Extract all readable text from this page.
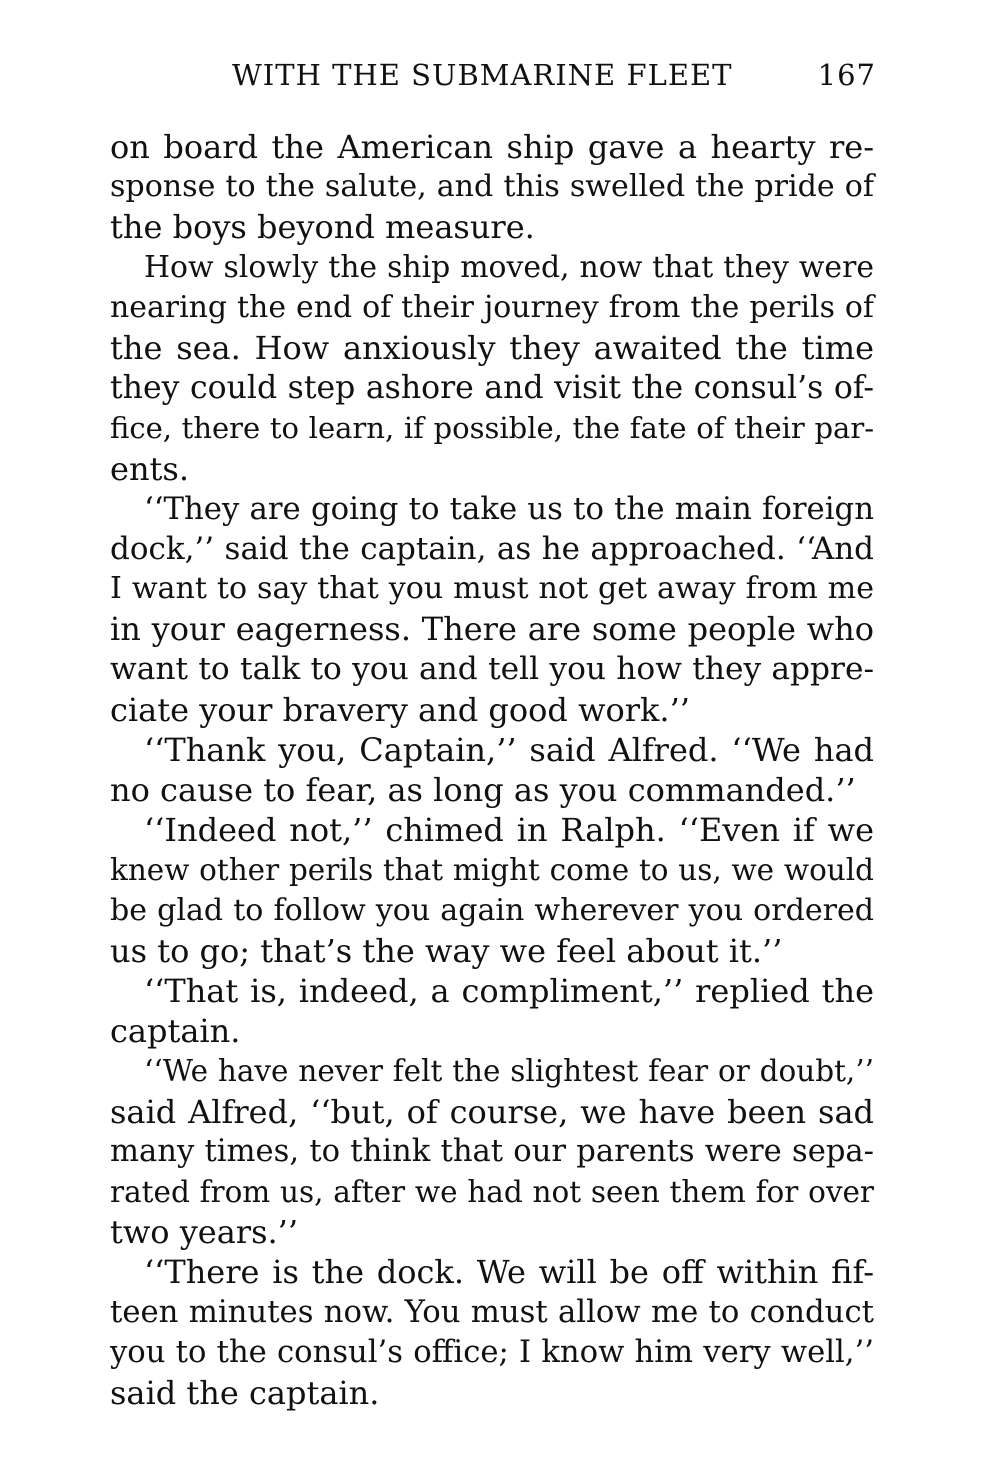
WITH THE SUBMARINE FLEET	167
on board the American ship gave a hearty re-
sponse to the salute, and this swelled the pride of
the boys beyond measure.
How slowly the ship moved, now that they were
nearing the end of their journey from the perils of
the sea. How anxiously they awaited the time
they could step ashore and visit the consul’s of-
fice, there to learn, if possible, the fate of their par-
ents.
‘‘They are going to take us to the main foreign
dock,’’ said the captain, as he approached. ‘‘And
I want to say that you must not get away from me
in your eagerness. There are some people who
want to talk to you and tell you how they appre-
ciate your bravery and good work.’’
‘‘Thank you, Captain,’’ said Alfred. ‘‘We had
no cause to fear, as long as you commanded.’’
‘‘Indeed not,’’ chimed in Ralph. ‘‘Even if we
knew other perils that might come to us, we would
be glad to follow you again wherever you ordered
us to go; that’s the way we feel about it.’’
‘‘That is, indeed, a compliment,’’ replied the
captain.
‘‘We have never felt the slightest fear or doubt,’’
said Alfred, ‘‘but, of course, we have been sad
many times, to think that our parents were sepa-
rated from us, after we had not seen them for over
two years.’’
‘‘There is the dock. We will be off within fif-
teen minutes now. You must allow me to conduct
you to the consul’s office; I know him very well,’’
said the captain.
